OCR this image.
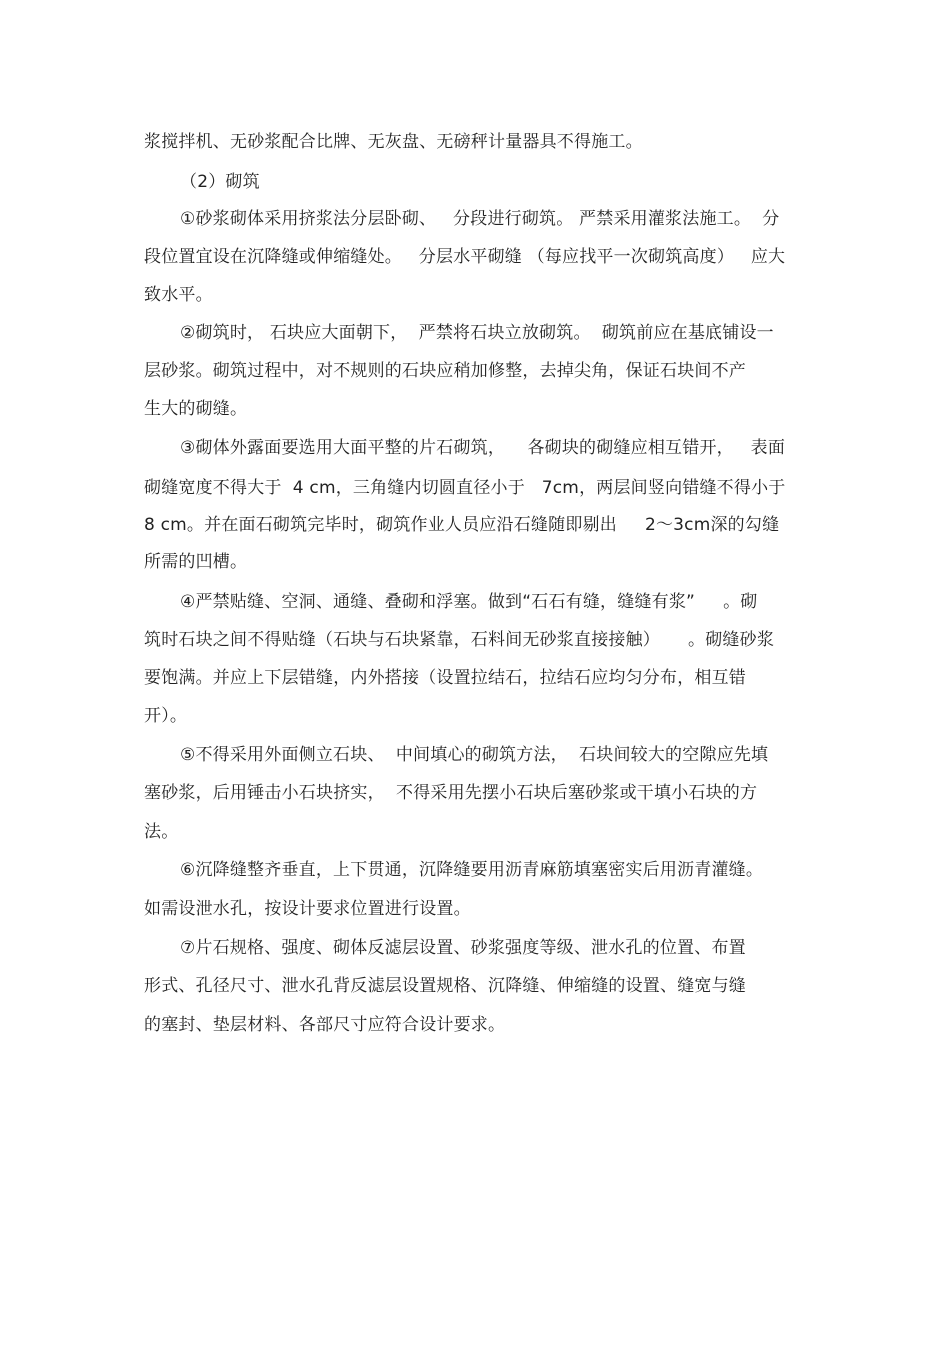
浆搅拌机、无砂浆配合比牌、无灰盘、无磅秤计量器具不得施工。
（2）砌筑
①砂浆砌体采用挤浆法分层卧砌、   分段进行砌筑。 严禁采用灌浆法施工。  分
段位置宜设在沉降缝或伸缩缝处。   分层水平砌缝 （每应找平一次砌筑高度）   应大
致水平。
②砌筑时， 石块应大面朝下，  严禁将石块立放砌筑。  砌筑前应在基底铺设一
层砂浆。砌筑过程中，对不规则的石块应稍加修整，去掉尖角，保证石块间不产
生大的砌缝。
③砌体外露面要选用大面平整的片石砌筑，    各砌块的砌缝应相互错开，   表面
砌缝宽度不得大于  4 cm，三角缝内切圆直径小于   7cm，两层间竖向错缝不得小于
8 cm。并在面石砌筑完毕时，砌筑作业人员应沿石缝随即剔出     2～3cm深的勾缝
所需的凹槽。
④严禁贴缝、空洞、通缝、叠砌和浮塞。做到“石石有缝，缝缝有浆”     。砌
筑时石块之间不得贴缝（石块与石块紧靠，石料间无砂浆直接接触）     。砌缝砂浆
要饱满。并应上下层错缝，内外搭接（设置拉结石，拉结石应均匀分布，相互错
开）。
⑤不得采用外面侧立石块、  中间填心的砌筑方法，  石块间较大的空隙应先填
塞砂浆，后用锤击小石块挤实，  不得采用先摆小石块后塞砂浆或干填小石块的方
法。
⑥沉降缝整齐垂直，上下贯通，沉降缝要用沥青麻筋填塞密实后用沥青灌缝。
如需设泄水孔，按设计要求位置进行设置。
⑦片石规格、强度、砌体反滤层设置、砂浆强度等级、泄水孔的位置、布置
形式、孔径尺寸、泄水孔背反滤层设置规格、沉降缝、伸缩缝的设置、缝宽与缝
的塞封、垫层材料、各部尺寸应符合设计要求。
